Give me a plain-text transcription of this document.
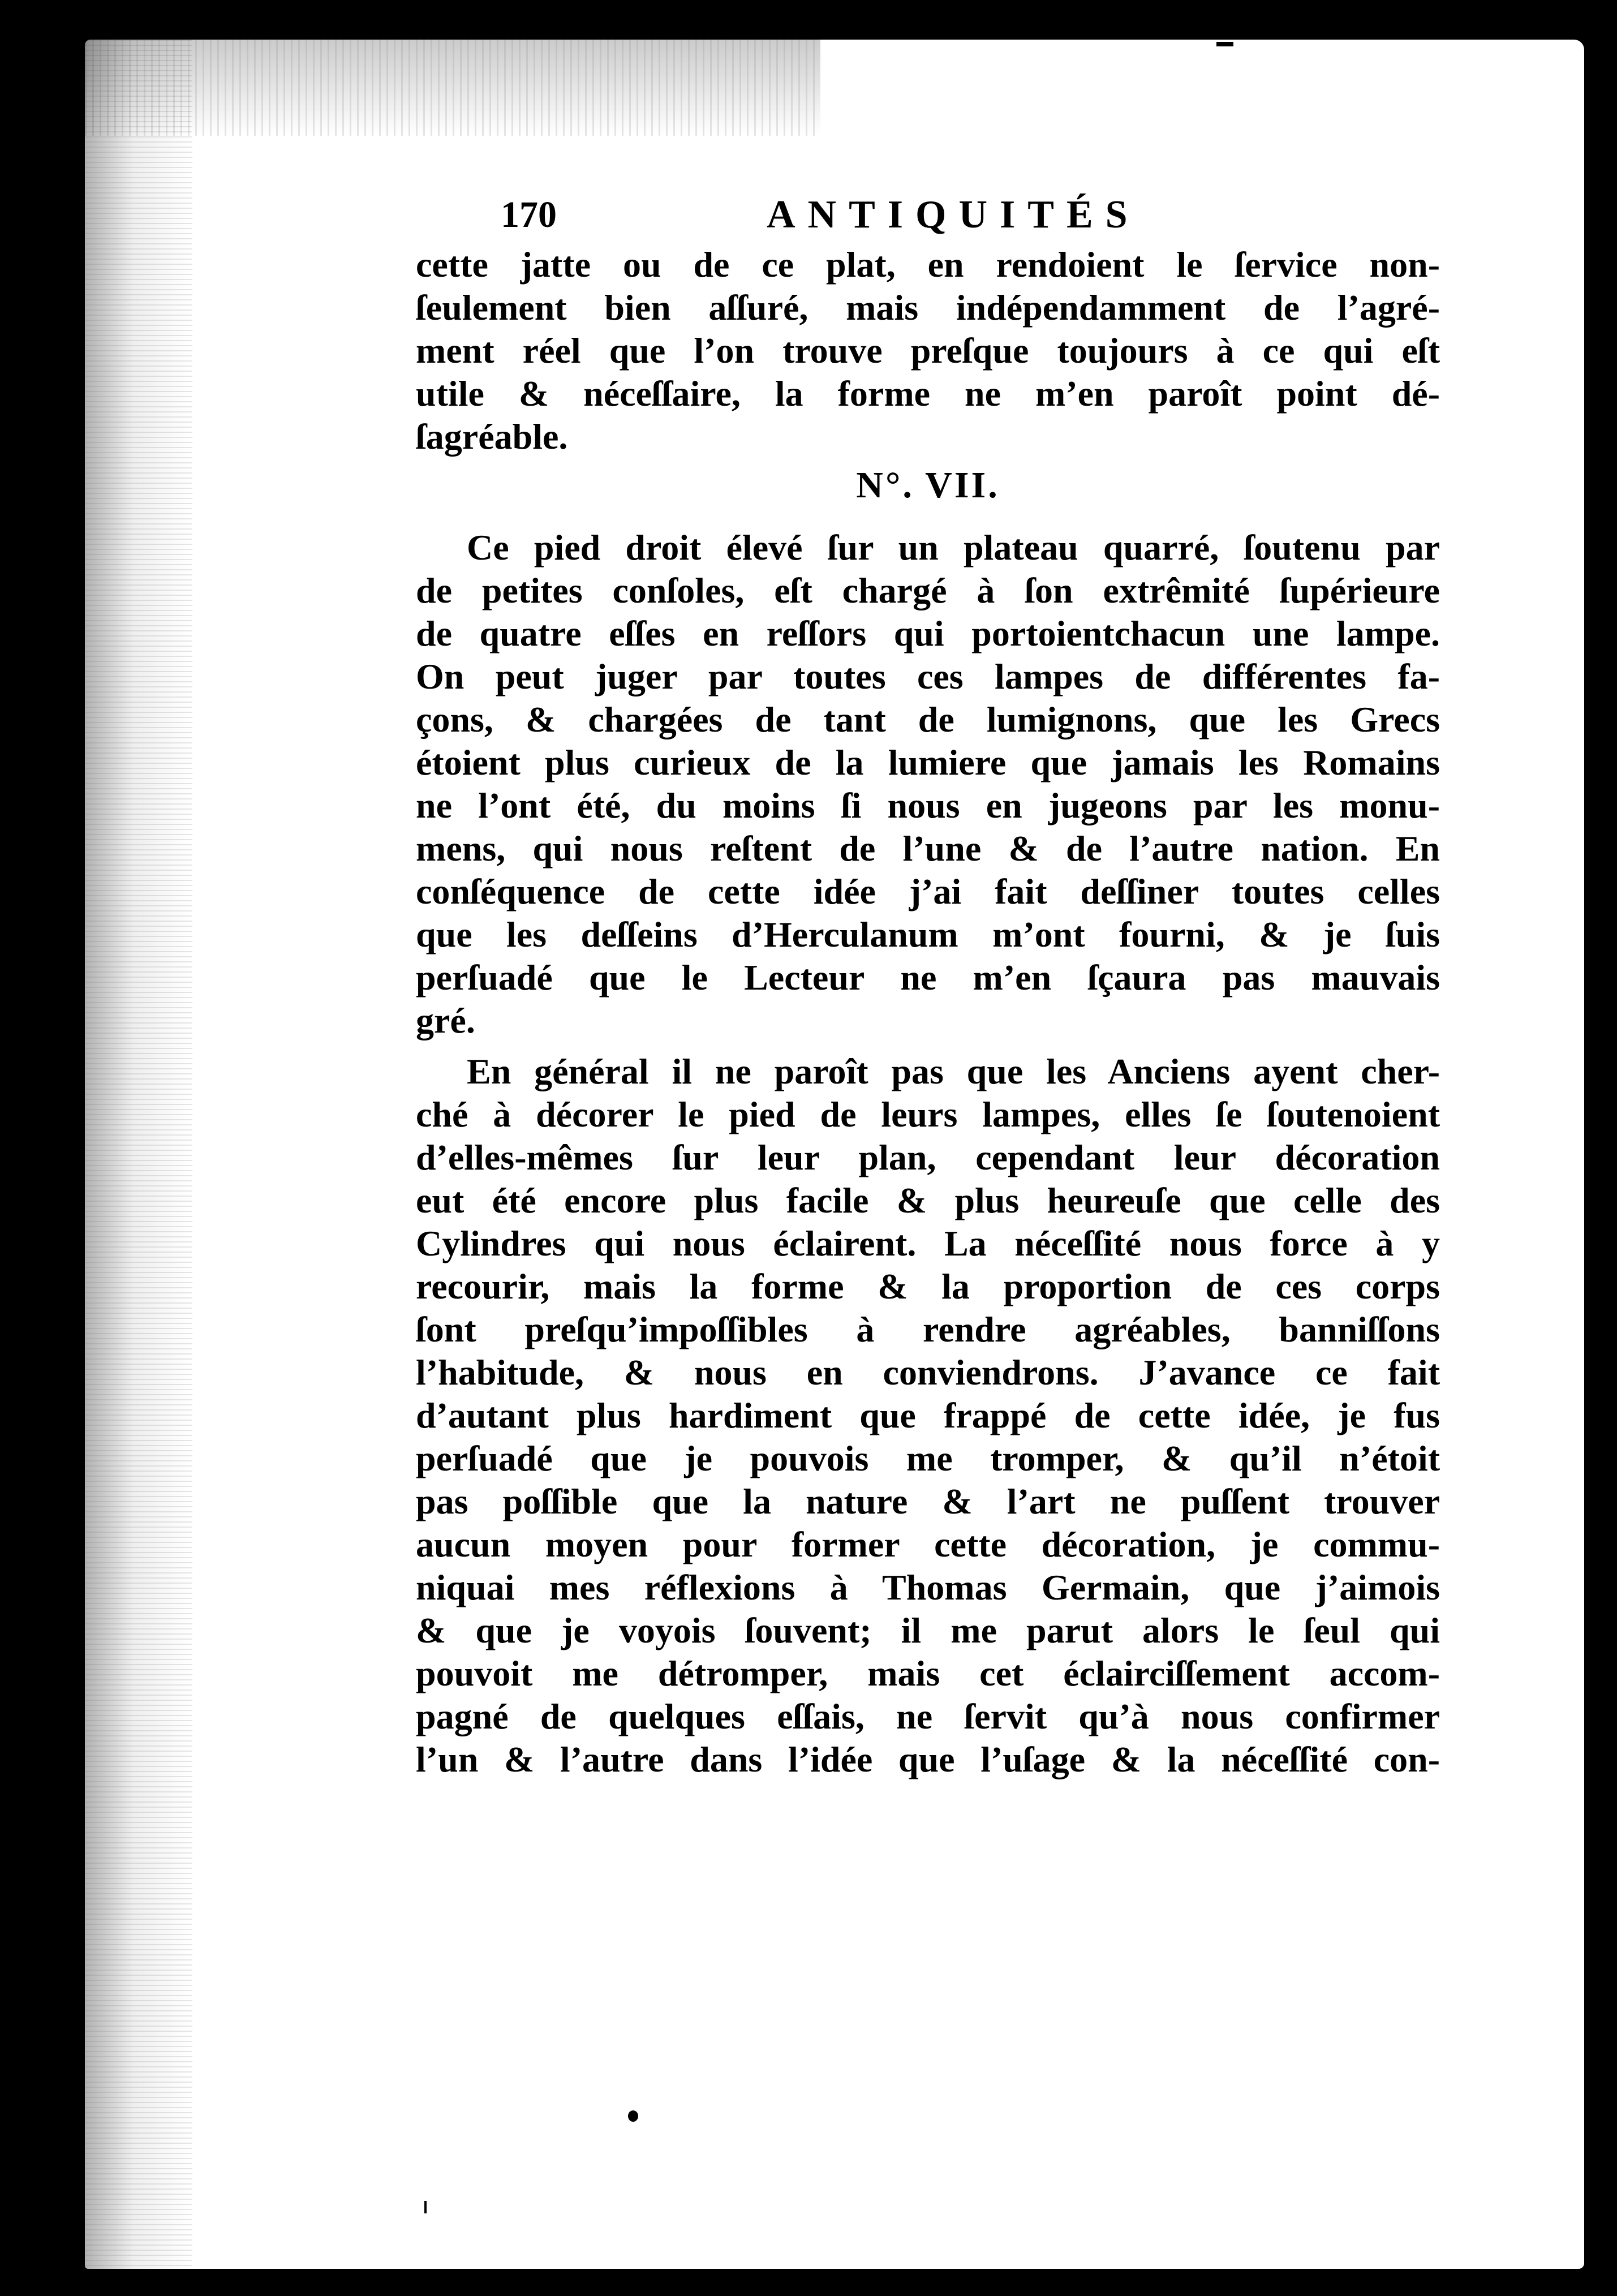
170	ANTIQUITÉS
cette jatte ou de ce plat, en rendoient le ſervice non-
ſeulement bien aſſuré, mais indépendamment de l’agré-
ment réel que l’on trouve preſque toujours à ce qui eſt
utile & néceſſaire, la forme ne m’en paroît point dé-
ſagréable.
N°. VII.
Ce pied droit élevé ſur un plateau quarré, ſoutenu par
de petites conſoles, eſt chargé à ſon extrêmité ſupérieure
de quatre eſſes en reſſors qui portoientchacun une lampe.
On peut juger par toutes ces lampes de différentes fa-
çons, & chargées de tant de lumignons, que les Grecs
étoient plus curieux de la lumiere que jamais les Romains
ne l’ont été, du moins ſi nous en jugeons par les monu-
mens, qui nous reſtent de l’une & de l’autre nation. En
conſéquence de cette idée j’ai fait deſſiner toutes celles
que les deſſeins d’Herculanum m’ont fourni, & je ſuis
perſuadé que le Lecteur ne m’en ſçaura pas mauvais
gré.
En général il ne paroît pas que les Anciens ayent cher-
ché à décorer le pied de leurs lampes, elles ſe ſoutenoient
d’elles-mêmes ſur leur plan, cependant leur décoration
eut été encore plus facile & plus heureuſe que celle des
Cylindres qui nous éclairent. La néceſſité nous force à y
recourir, mais la forme & la proportion de ces corps
ſont preſqu’impoſſibles à rendre agréables, banniſſons
l’habitude, & nous en conviendrons. J’avance ce fait
d’autant plus hardiment que frappé de cette idée, je fus
perſuadé que je pouvois me tromper, & qu’il n’étoit
pas poſſible que la nature & l’art ne puſſent trouver
aucun moyen pour former cette décoration, je commu-
niquai mes réflexions à Thomas Germain, que j’aimois
& que je voyois ſouvent; il me parut alors le ſeul qui
pouvoit me détromper, mais cet éclairciſſement accom-
pagné de quelques eſſais, ne ſervit qu’à nous confirmer
l’un & l’autre dans l’idée que l’uſage & la néceſſité con-
